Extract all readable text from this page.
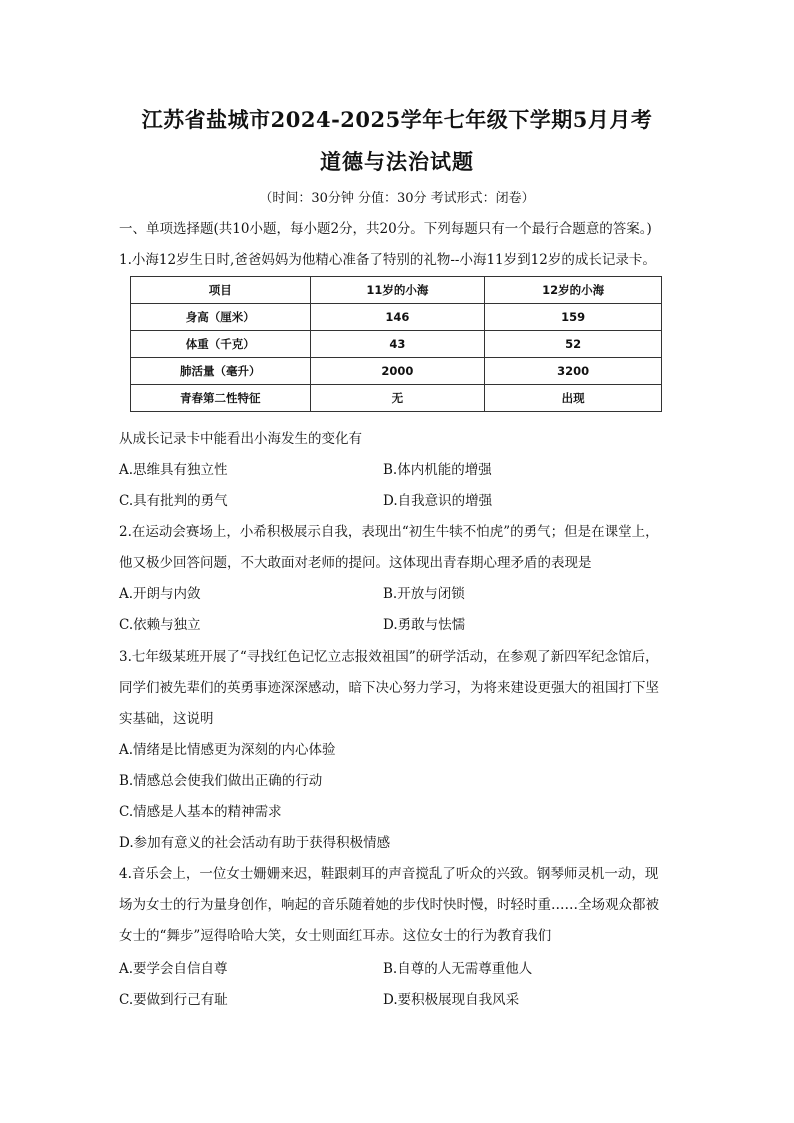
江苏省盐城市2024-2025学年七年级下学期5月月考
道德与法治试题
（时间：30分钟 分值：30分 考试形式：闭卷）
一、单项选择题(共10小题，每小题2分，共20分。下列每题只有一个最行合题意的答案。)
1.小海12岁生日时,爸爸妈妈为他精心准备了特别的礼物--小海11岁到12岁的成长记录卡。
项目	11岁的小海	12岁的小海
身高（厘米）	146	159
体重（千克）	43	52
肺活量（毫升）	2000	3200
青春第二性特征	无	出现
从成长记录卡中能看出小海发生的变化有
A.思维具有独立性	B.体内机能的增强
C.具有批判的勇气	D.自我意识的增强
2.在运动会赛场上，小希积极展示自我，表现出“初生牛犊不怕虎”的勇气；但是在课堂上，
他又极少回答问题，不大敢面对老师的提问。这体现出青春期心理矛盾的表现是
A.开朗与内敛	B.开放与闭锁
C.依赖与独立	D.勇敢与怯懦
3.七年级某班开展了“寻找红色记忆立志报效祖国”的研学活动，在参观了新四军纪念馆后，
同学们被先辈们的英勇事迹深深感动，暗下决心努力学习，为将来建设更强大的祖国打下坚
实基础，这说明
A.情绪是比情感更为深刻的内心体验
B.情感总会使我们做出正确的行动
C.情感是人基本的精神需求
D.参加有意义的社会活动有助于获得积极情感
4.音乐会上，一位女士姗姗来迟，鞋跟刺耳的声音搅乱了听众的兴致。钢琴师灵机一动，现
场为女士的行为量身创作，响起的音乐随着她的步伐时快时慢，时轻时重……全场观众都被
女士的“舞步”逗得哈哈大笑，女士则面红耳赤。这位女士的行为教育我们
A.要学会自信自尊	B.自尊的人无需尊重他人
C.要做到行己有耻	D.要积极展现自我风采
